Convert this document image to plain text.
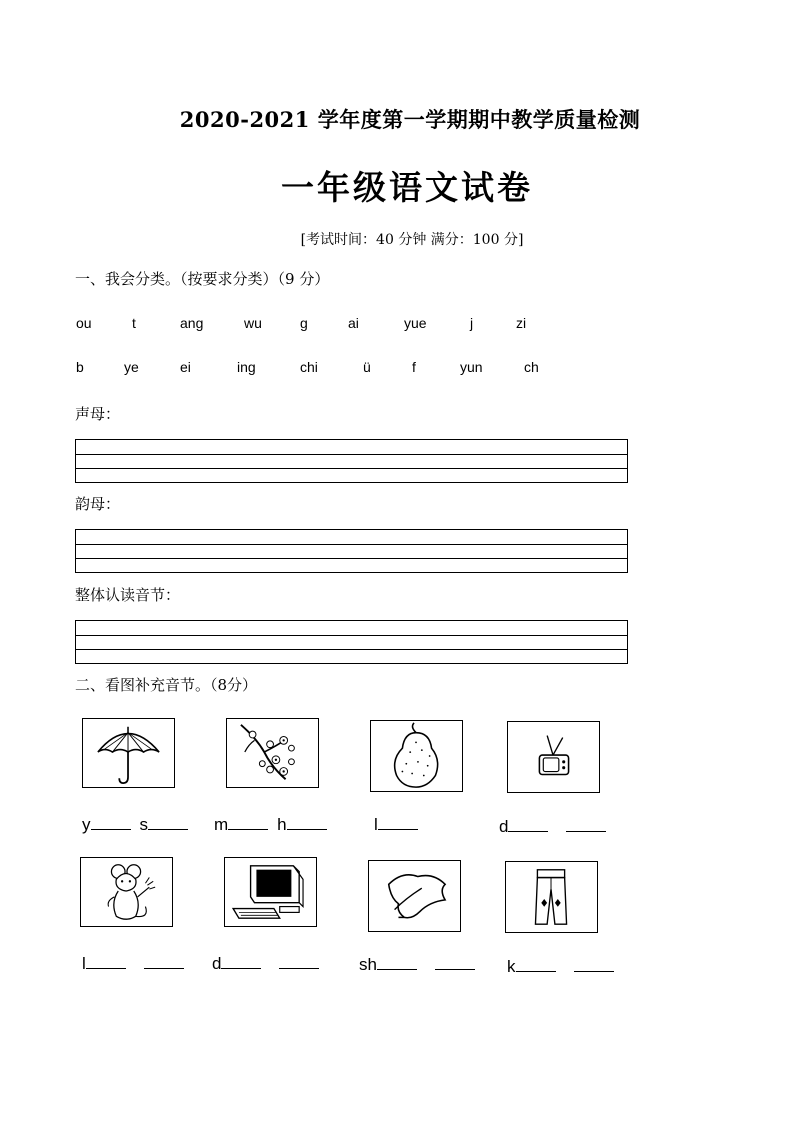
2020-2021 学年度第一学期期中教学质量检测
一年级语文试卷
[考试时间：40 分钟 满分：100 分]
一、我会分类。（按要求分类）（9 分）
ou	t	ang	wu	g	ai	yue	j	zi
b	ye	ei	ing	chi	ü	f	yun	ch
声母：
韵母：
整体认读音节：
二、看图补充音节。（8分）
y	s	m	h	l	d
l	d	sh	k
